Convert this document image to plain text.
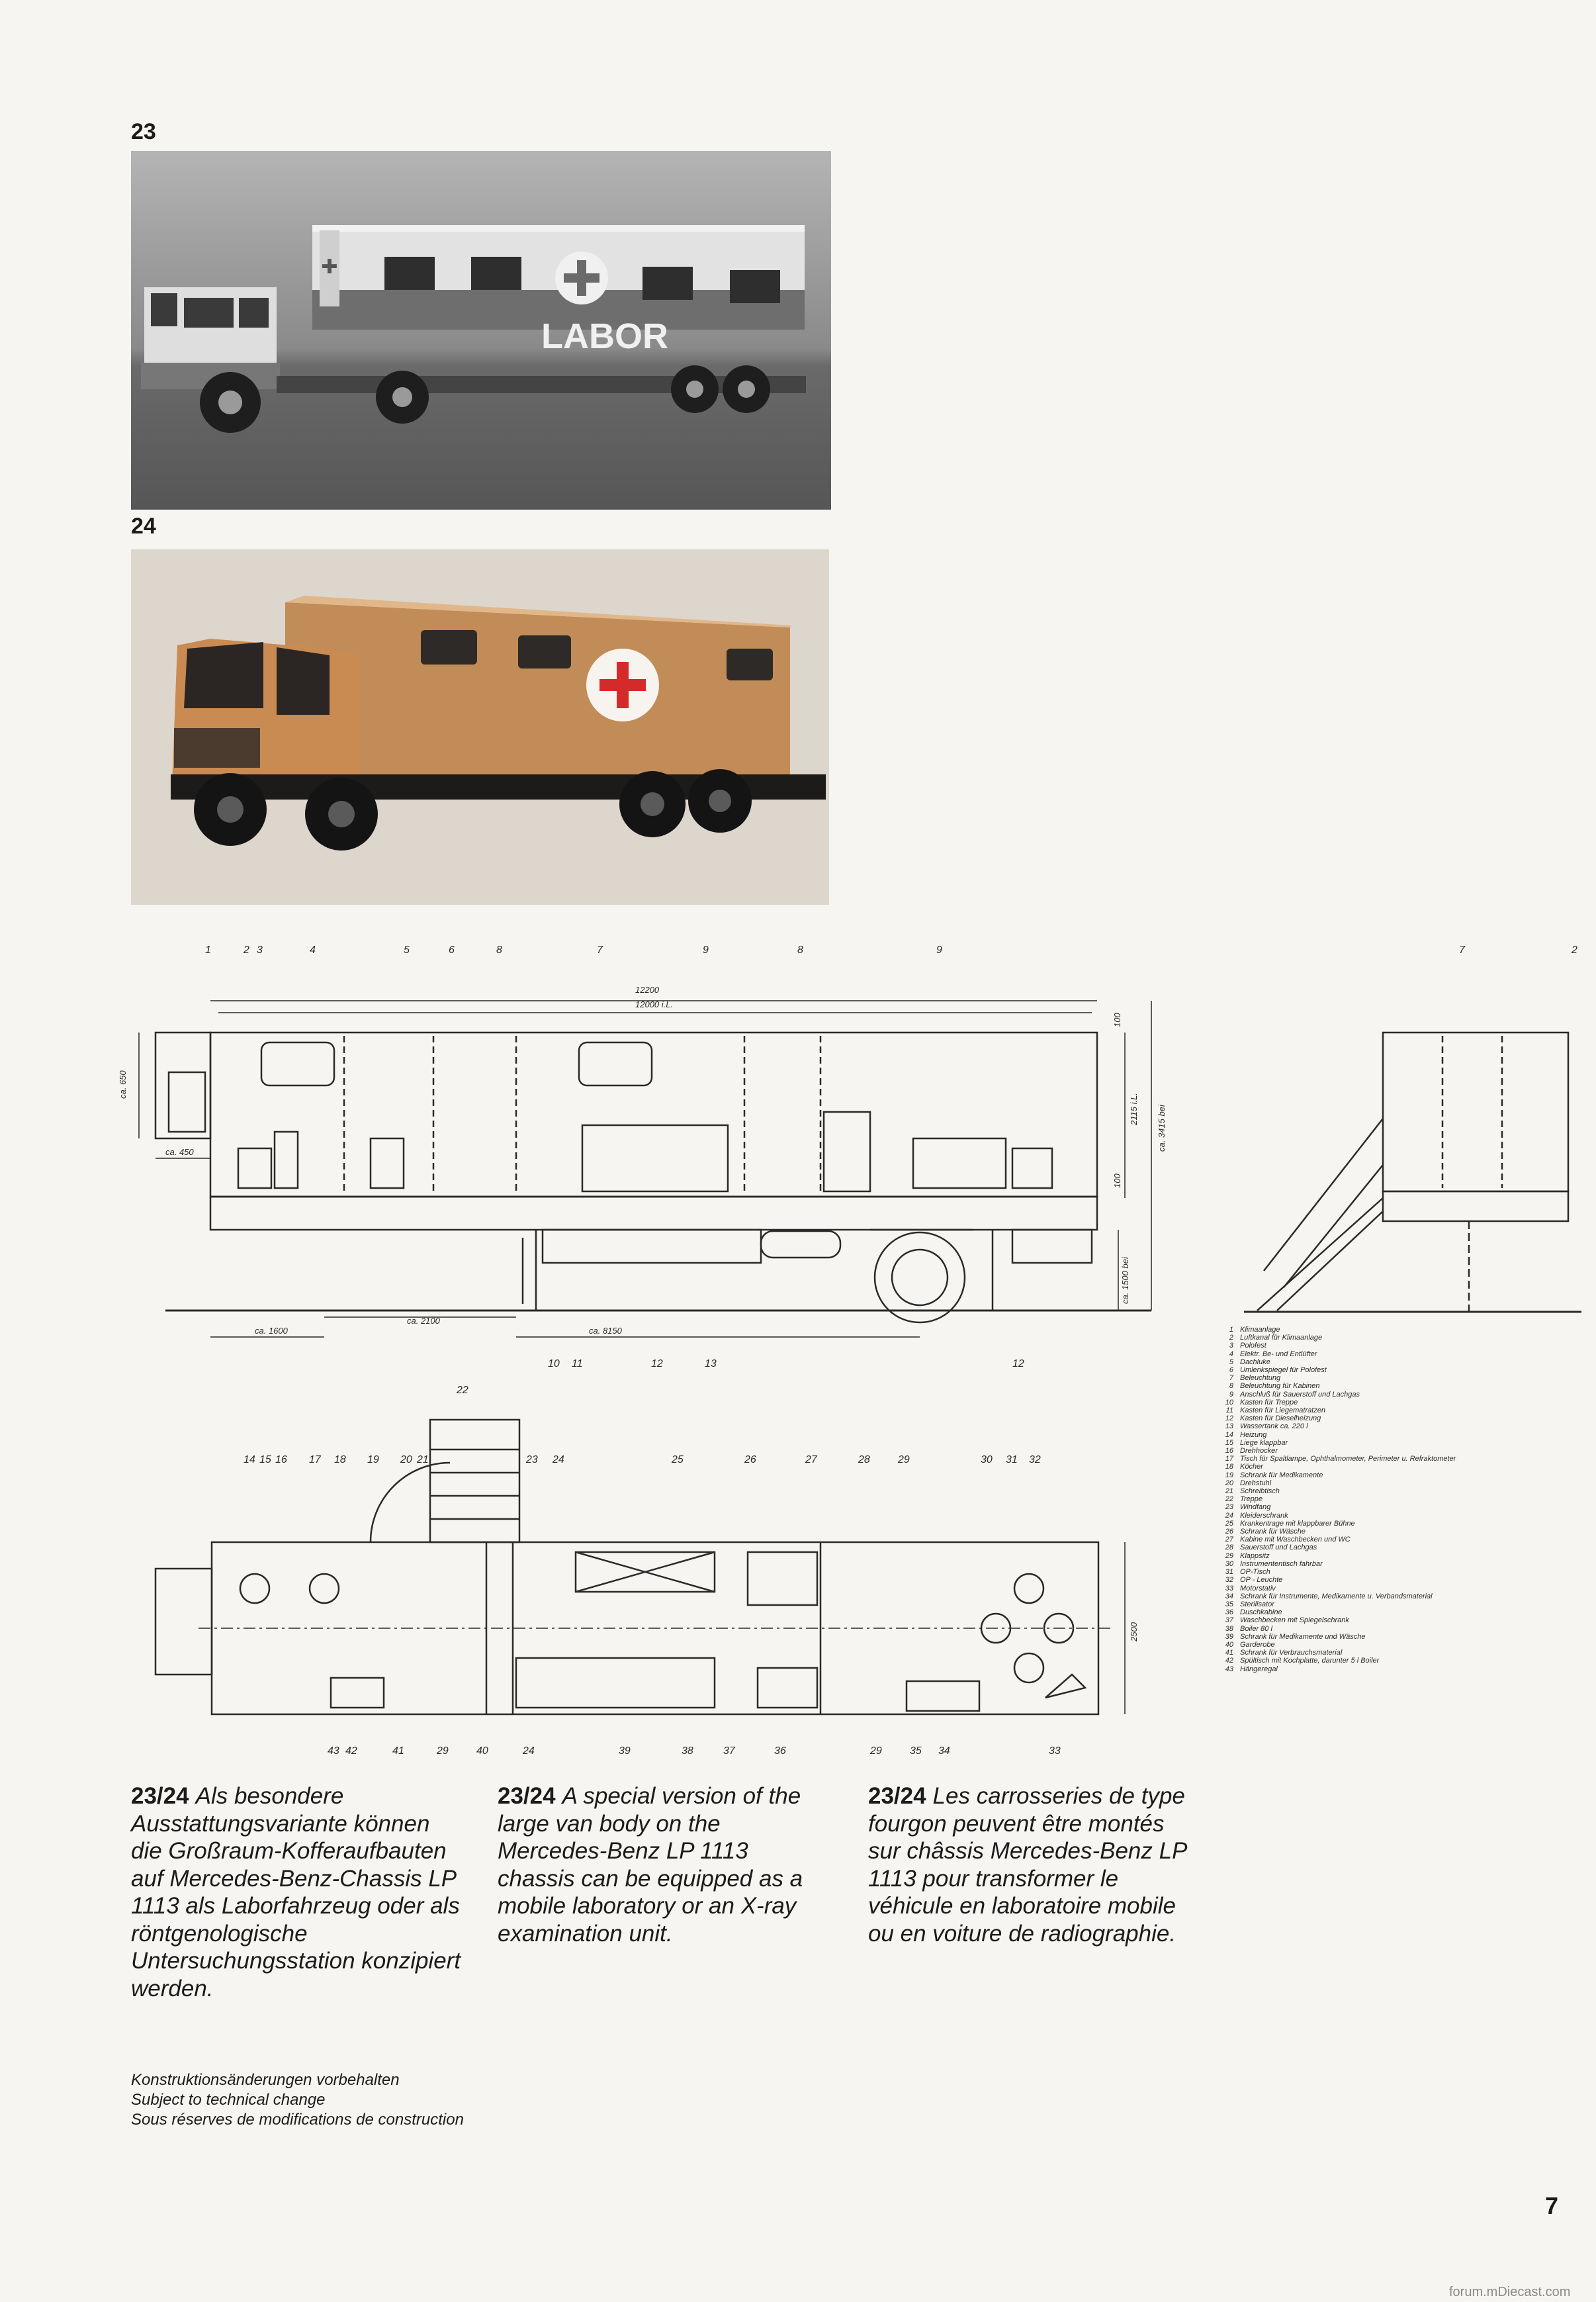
23
✚
LABOR
24
1	2 3	4	5	6	8	7	9	8	9
10 11	12	13	12
7	2
12200
12000 i.L.
ca. 650
ca. 450
ca. 1600
ca. 2100
ca. 8150
100
100
2115 i.L. ca. 3415 bei
ca. 1500 bei
2500
22
14 15 16 17 18 19 20 21	23 24	25	26	27	28	29	30 31 32
43 42	41	29	40	24	39	38	37	36	29	35 34	33
1 Klimaanlage
2 Luftkanal für Klimaanlage
3 Polofest
4 Elektr. Be- und Entlüfter
5 Dachluke
6 Umlenkspiegel für Polofest
7 Beleuchtung
8 Beleuchtung für Kabinen
9 Anschluß für Sauerstoff und Lachgas
10 Kasten für Treppe
11 Kasten für Liegematratzen
12 Kasten für Dieselheizung
13 Wassertank ca. 220 l
14 Heizung
15 Liege klappbar
16 Drehhocker
17 Tisch für Spaltlampe, Ophthalmometer, Perimeter u. Refraktometer
18 Köcher
19 Schrank für Medikamente
20 Drehstuhl
21 Schreibtisch
22 Treppe
23 Windfang
24 Kleiderschrank
25 Krankentrage mit klappbarer Bühne
26 Schrank für Wäsche
27 Kabine mit Waschbecken und WC
28 Sauerstoff und Lachgas
29 Klappsitz
30 Instrumententisch fahrbar
31 OP-Tisch
32 OP - Leuchte
33 Motorstativ
34 Schrank für Instrumente, Medikamente u. Verbandsmaterial
35 Sterilisator
36 Duschkabine
37 Waschbecken mit Spiegelschrank
38 Boiler 80 l
39 Schrank für Medikamente und Wäsche
40 Garderobe
41 Schrank für Verbrauchsmaterial
42 Spültisch mit Kochplatte, darunter 5 l Boiler
43 Hängeregal
23/24 Als besondere Ausstattungsvariante können die Großraum-Kofferaufbauten auf Mercedes-Benz-Chassis LP 1113 als Laborfahrzeug oder als röntgenologische Untersuchungsstation konzipiert werden.
23/24 A special version of the large van body on the Mercedes-Benz LP 1113 chassis can be equipped as a mobile laboratory or an X-ray examination unit.
23/24 Les carrosseries de type fourgon peuvent être montés sur châssis Mercedes-Benz LP 1113 pour transformer le véhicule en laboratoire mobile ou en voiture de radiographie.
Konstruktionsänderungen vorbehalten
Subject to technical change
Sous réserves de modifications de construction
7
forum.mDiecast.com
